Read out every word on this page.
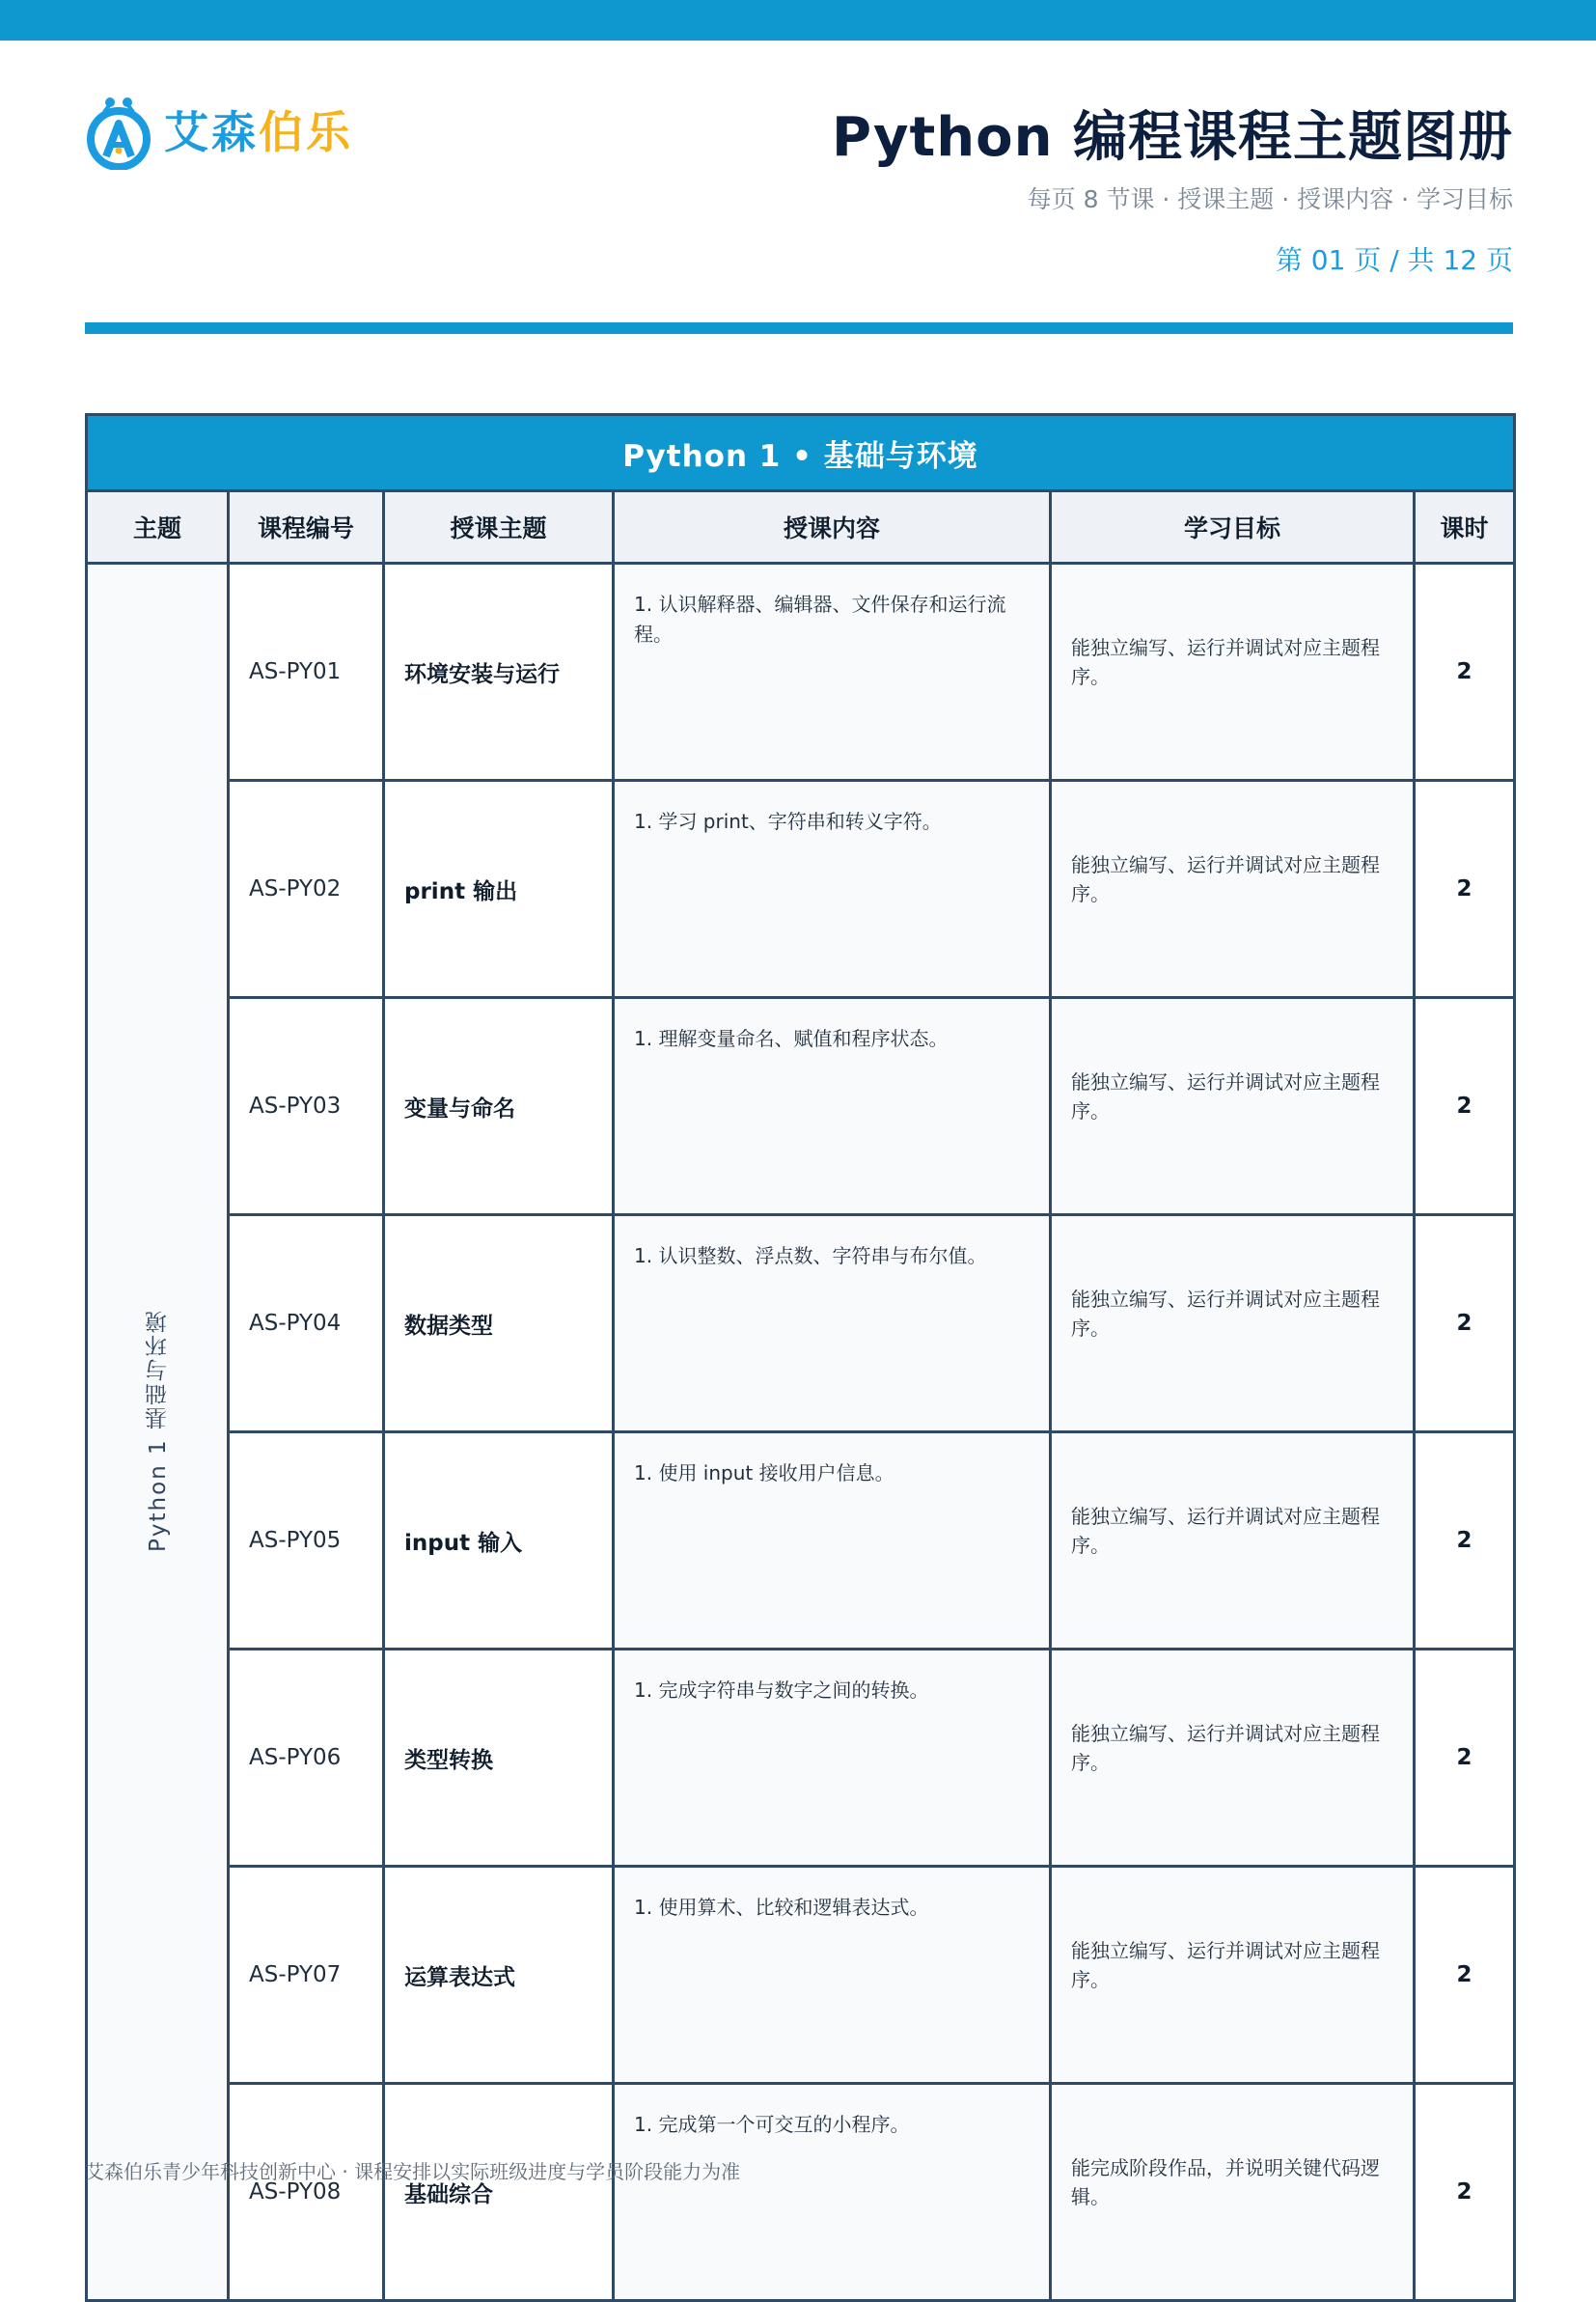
艾森伯乐	Python 编程课程主题图册
每页 8 节课 · 授课主题 · 授课内容 · 学习目标
第 01 页 / 共 12 页
Python 1 • 基础与环境					
主题	课程编号	授课主题	授课内容	学习目标	课时
Python 1 基础与环境	AS-PY01	环境安装与运行	1. 认识解释器、编辑器、文件保存和运行流程。	能独立编写、运行并调试对应主题程序。	2
	AS-PY02	print 输出	1. 学习 print、字符串和转义字符。	能独立编写、运行并调试对应主题程序。	2
	AS-PY03	变量与命名	1. 理解变量命名、赋值和程序状态。	能独立编写、运行并调试对应主题程序。	2
	AS-PY04	数据类型	1. 认识整数、浮点数、字符串与布尔值。	能独立编写、运行并调试对应主题程序。	2
	AS-PY05	input 输入	1. 使用 input 接收用户信息。	能独立编写、运行并调试对应主题程序。	2
	AS-PY06	类型转换	1. 完成字符串与数字之间的转换。	能独立编写、运行并调试对应主题程序。	2
	AS-PY07	运算表达式	1. 使用算术、比较和逻辑表达式。	能独立编写、运行并调试对应主题程序。	2
	AS-PY08	基础综合	1. 完成第一个可交互的小程序。	能完成阶段作品，并说明关键代码逻辑。	2
艾森伯乐青少年科技创新中心 · 课程安排以实际班级进度与学员阶段能力为准
